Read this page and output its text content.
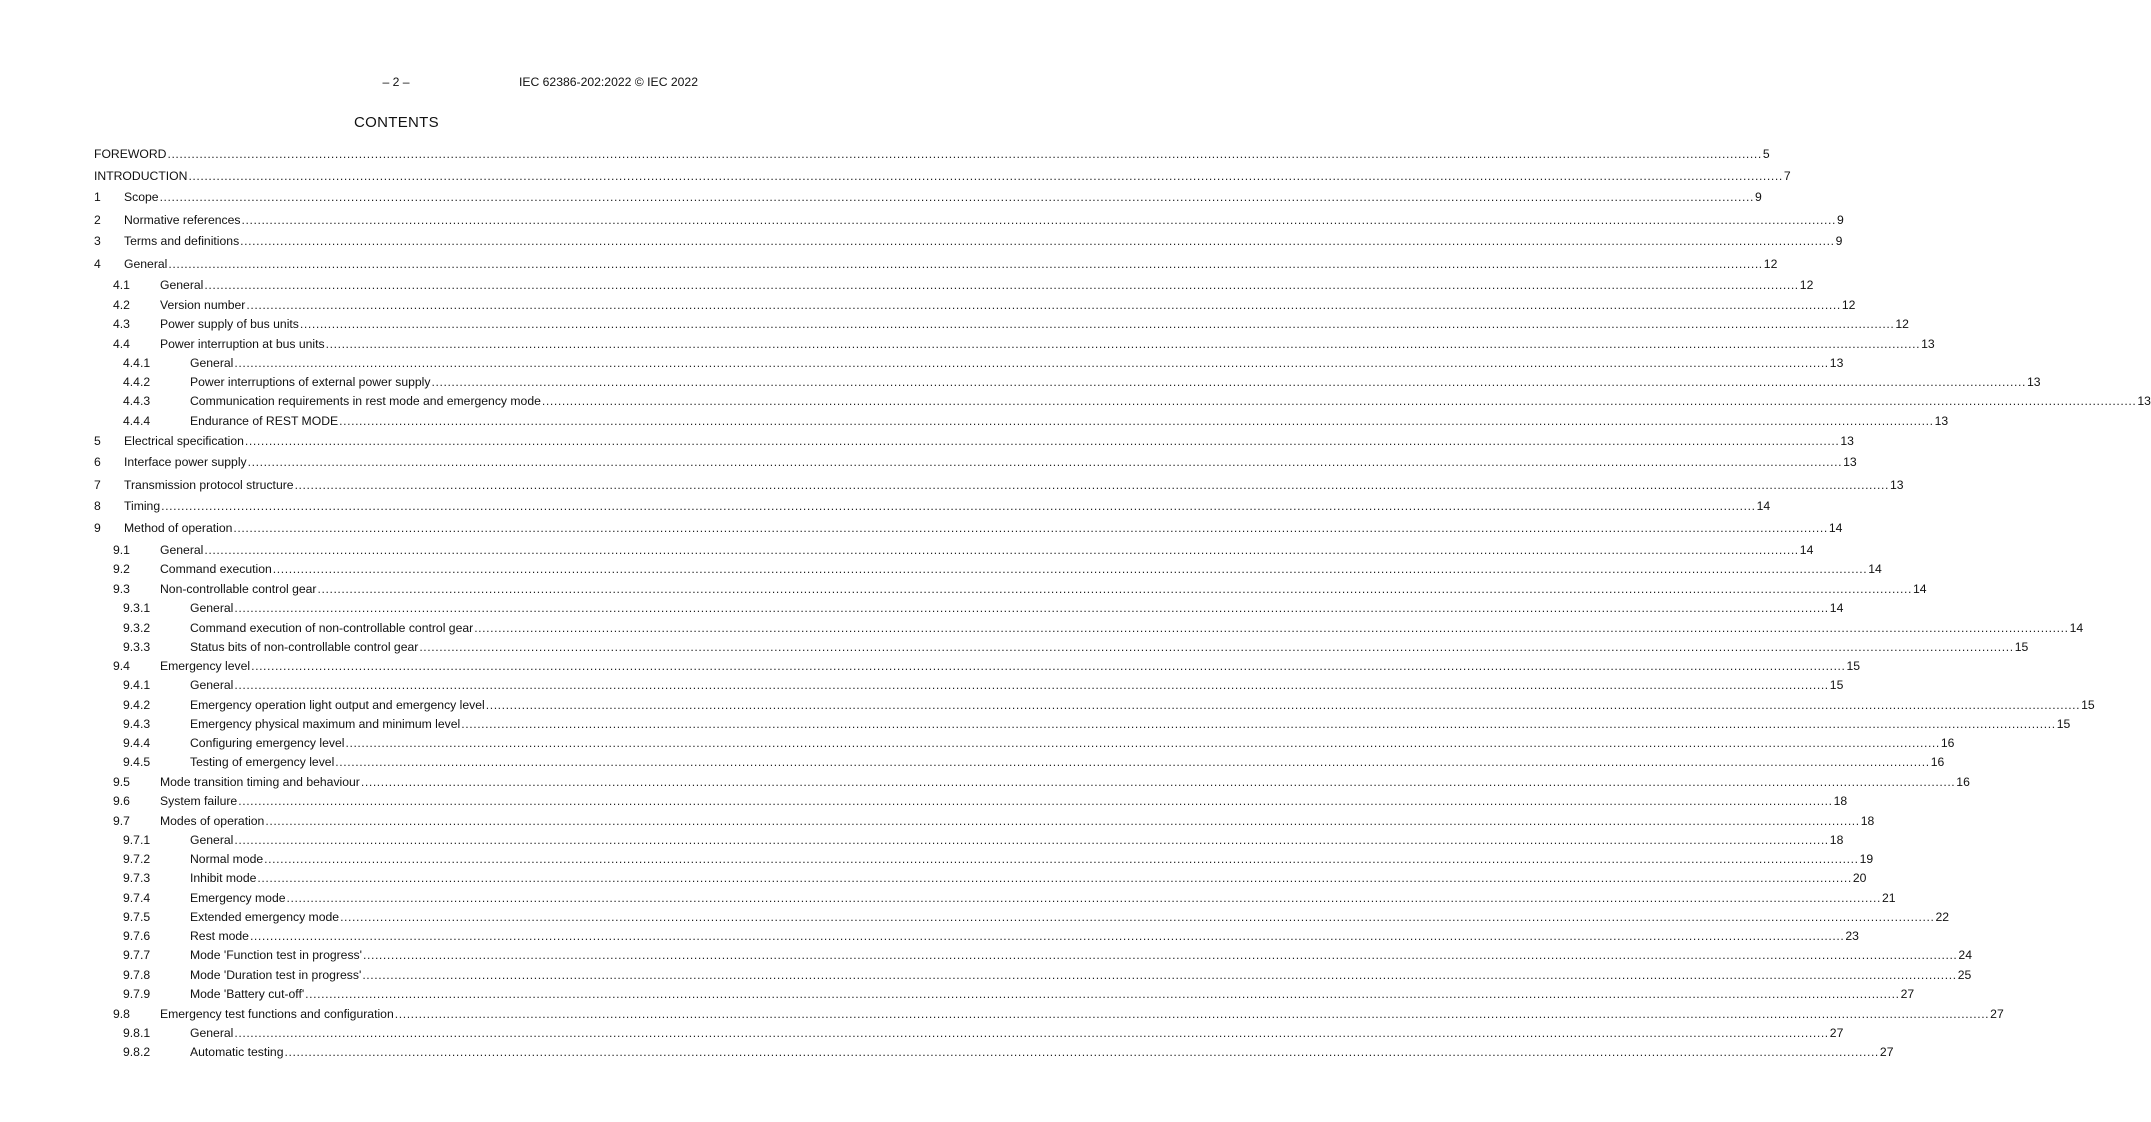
– 2 –	IEC 62386-202:2022 © IEC 2022
CONTENTS
FOREWORD ................................................................................................................................................................................................................................................................................................................................................................................................................ 5
INTRODUCTION ................................................................................................................................................................................................................................................................................................................................................................................................................ 7
1	Scope ................................................................................................................................................................................................................................................................................................................................................................................................................ 9
2	Normative references ................................................................................................................................................................................................................................................................................................................................................................................................................ 9
3	Terms and definitions ................................................................................................................................................................................................................................................................................................................................................................................................................ 9
4	General ................................................................................................................................................................................................................................................................................................................................................................................................................ 12
4.1	General ................................................................................................................................................................................................................................................................................................................................................................................................................ 12
4.2	Version number ................................................................................................................................................................................................................................................................................................................................................................................................................ 12
4.3	Power supply of bus units ................................................................................................................................................................................................................................................................................................................................................................................................................ 12
4.4	Power interruption at bus units ................................................................................................................................................................................................................................................................................................................................................................................................................ 13
4.4.1	General ................................................................................................................................................................................................................................................................................................................................................................................................................ 13
4.4.2	Power interruptions of external power supply ................................................................................................................................................................................................................................................................................................................................................................................................................ 13
4.4.3	Communication requirements in rest mode and emergency mode ................................................................................................................................................................................................................................................................................................................................................................................................................ 13
4.4.4	Endurance of REST MODE ................................................................................................................................................................................................................................................................................................................................................................................................................ 13
5	Electrical specification ................................................................................................................................................................................................................................................................................................................................................................................................................ 13
6	Interface power supply ................................................................................................................................................................................................................................................................................................................................................................................................................ 13
7	Transmission protocol structure ................................................................................................................................................................................................................................................................................................................................................................................................................ 13
8	Timing ................................................................................................................................................................................................................................................................................................................................................................................................................ 14
9	Method of operation ................................................................................................................................................................................................................................................................................................................................................................................................................ 14
9.1	General ................................................................................................................................................................................................................................................................................................................................................................................................................ 14
9.2	Command execution ................................................................................................................................................................................................................................................................................................................................................................................................................ 14
9.3	Non-controllable control gear ................................................................................................................................................................................................................................................................................................................................................................................................................ 14
9.3.1	General ................................................................................................................................................................................................................................................................................................................................................................................................................ 14
9.3.2	Command execution of non-controllable control gear ................................................................................................................................................................................................................................................................................................................................................................................................................ 14
9.3.3	Status bits of non-controllable control gear ................................................................................................................................................................................................................................................................................................................................................................................................................ 15
9.4	Emergency level ................................................................................................................................................................................................................................................................................................................................................................................................................ 15
9.4.1	General ................................................................................................................................................................................................................................................................................................................................................................................................................ 15
9.4.2	Emergency operation light output and emergency level ................................................................................................................................................................................................................................................................................................................................................................................................................ 15
9.4.3	Emergency physical maximum and minimum level ................................................................................................................................................................................................................................................................................................................................................................................................................ 15
9.4.4	Configuring emergency level ................................................................................................................................................................................................................................................................................................................................................................................................................ 16
9.4.5	Testing of emergency level ................................................................................................................................................................................................................................................................................................................................................................................................................ 16
9.5	Mode transition timing and behaviour ................................................................................................................................................................................................................................................................................................................................................................................................................ 16
9.6	System failure ................................................................................................................................................................................................................................................................................................................................................................................................................ 18
9.7	Modes of operation ................................................................................................................................................................................................................................................................................................................................................................................................................ 18
9.7.1	General ................................................................................................................................................................................................................................................................................................................................................................................................................ 18
9.7.2	Normal mode ................................................................................................................................................................................................................................................................................................................................................................................................................ 19
9.7.3	Inhibit mode ................................................................................................................................................................................................................................................................................................................................................................................................................ 20
9.7.4	Emergency mode ................................................................................................................................................................................................................................................................................................................................................................................................................ 21
9.7.5	Extended emergency mode ................................................................................................................................................................................................................................................................................................................................................................................................................ 22
9.7.6	Rest mode ................................................................................................................................................................................................................................................................................................................................................................................................................ 23
9.7.7	Mode 'Function test in progress' ................................................................................................................................................................................................................................................................................................................................................................................................................ 24
9.7.8	Mode 'Duration test in progress' ................................................................................................................................................................................................................................................................................................................................................................................................................ 25
9.7.9	Mode 'Battery cut-off' ................................................................................................................................................................................................................................................................................................................................................................................................................ 27
9.8	Emergency test functions and configuration ................................................................................................................................................................................................................................................................................................................................................................................................................ 27
9.8.1	General ................................................................................................................................................................................................................................................................................................................................................................................................................ 27
9.8.2	Automatic testing ................................................................................................................................................................................................................................................................................................................................................................................................................ 27
